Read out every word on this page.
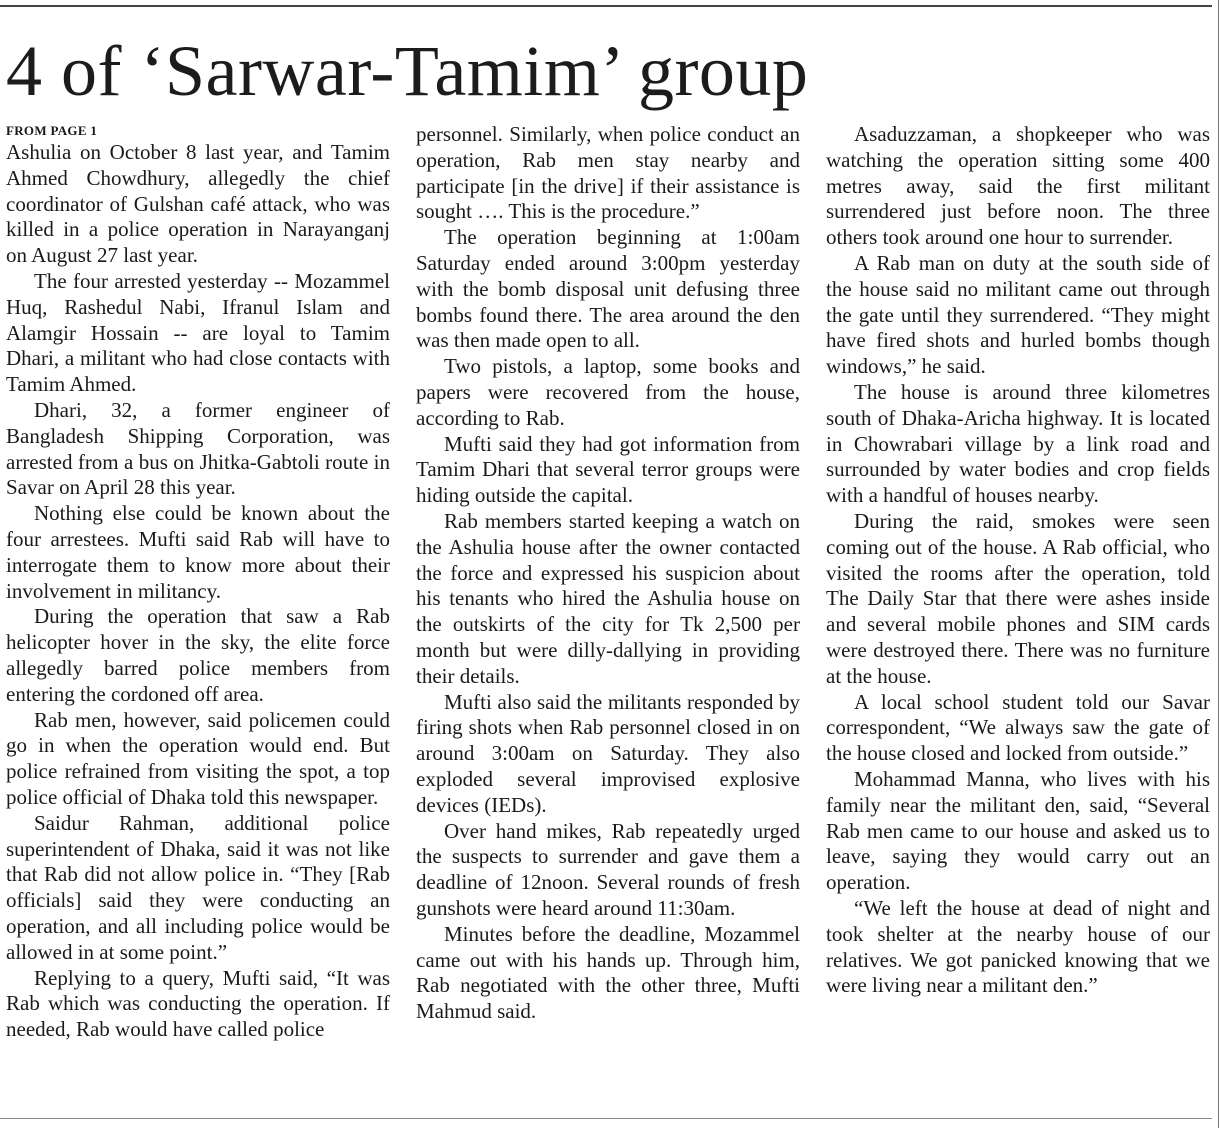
4 of ‘Sarwar-Tamim’ group
FROM PAGE 1

Ashulia on October 8 last year, and Tamim Ahmed Chowdhury, allegedly the chief coordinator of Gulshan café attack, who was killed in a police operation in Narayanganj on August 27 last year.

The four arrested yesterday -- Mozammel Huq, Rashedul Nabi, Ifranul Islam and Alamgir Hossain -- are loyal to Tamim Dhari, a militant who had close contacts with Tamim Ahmed.

Dhari, 32, a former engineer of Bangladesh Shipping Corporation, was arrested from a bus on Jhitka-Gabtoli route in Savar on April 28 this year.

Nothing else could be known about the four arrestees. Mufti said Rab will have to interrogate them to know more about their involvement in militancy.

During the operation that saw a Rab helicopter hover in the sky, the elite force allegedly barred police members from entering the cordoned off area.

Rab men, however, said policemen could go in when the operation would end. But police refrained from visiting the spot, a top police official of Dhaka told this newspaper.

Saidur Rahman, additional police superintendent of Dhaka, said it was not like that Rab did not allow police in. “They [Rab officials] said they were conducting an operation, and all including police would be allowed in at some point.”

Replying to a query, Mufti said, “It was Rab which was conducting the operation. If needed, Rab would have called police

personnel. Similarly, when police conduct an operation, Rab men stay nearby and participate [in the drive] if their assistance is sought …. This is the procedure.”

The operation beginning at 1:00am Saturday ended around 3:00pm yesterday with the bomb disposal unit defusing three bombs found there. The area around the den was then made open to all.

Two pistols, a laptop, some books and papers were recovered from the house, according to Rab.

Mufti said they had got information from Tamim Dhari that several terror groups were hiding outside the capital.

Rab members started keeping a watch on the Ashulia house after the owner contacted the force and expressed his suspicion about his tenants who hired the Ashulia house on the outskirts of the city for Tk 2,500 per month but were dilly-dallying in providing their details.

Mufti also said the militants responded by firing shots when Rab personnel closed in on around 3:00am on Saturday. They also exploded several improvised explosive devices (IEDs).

Over hand mikes, Rab repeatedly urged the suspects to surrender and gave them a deadline of 12noon. Several rounds of fresh gunshots were heard around 11:30am.

Minutes before the deadline, Mozammel came out with his hands up. Through him, Rab negotiated with the other three, Mufti Mahmud said.

Asaduzzaman, a shopkeeper who was watching the operation sitting some 400 metres away, said the first militant surrendered just before noon. The three others took around one hour to surrender.

A Rab man on duty at the south side of the house said no militant came out through the gate until they surrendered. “They might have fired shots and hurled bombs though windows,” he said.

The house is around three kilometres south of Dhaka-Aricha highway. It is located in Chowrabari village by a link road and surrounded by water bodies and crop fields with a handful of houses nearby.

During the raid, smokes were seen coming out of the house. A Rab official, who visited the rooms after the operation, told The Daily Star that there were ashes inside and several mobile phones and SIM cards were destroyed there. There was no furniture at the house.

A local school student told our Savar correspondent, “We always saw the gate of the house closed and locked from outside.”

Mohammad Manna, who lives with his family near the militant den, said, “Several Rab men came to our house and asked us to leave, saying they would carry out an operation.

“We left the house at dead of night and took shelter at the nearby house of our relatives. We got panicked knowing that we were living near a militant den.”
